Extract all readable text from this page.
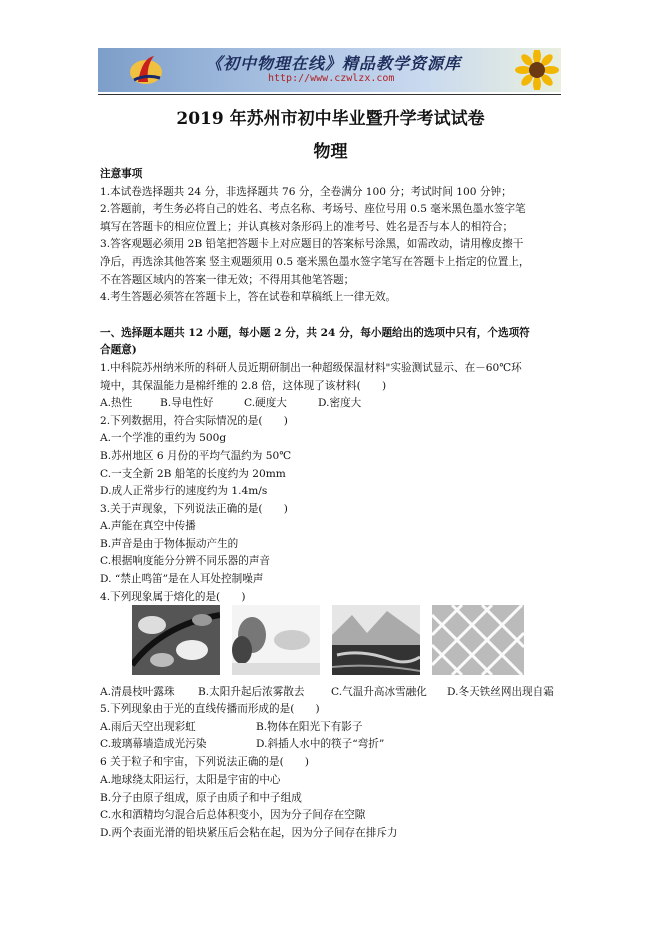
《初中物理在线》精品教学资源库
http://www.czwlzx.com
2019 年苏州市初中毕业暨升学考试试卷
物理
注意事项
1.本试卷选择题共 24 分，非选择题共 76 分，全卷满分 100 分；考试时间 100 分钟；
2.答题前，考生务必将自己的姓名、考点名称、考场号、座位号用 0.5 毫米黑色墨水签字笔
填写在答题卡的相应位置上；并认真核对条形码上的准考号、姓名是否与本人的相符合；
3.答客观题必须用 2B 铅笔把答题卡上对应题目的答案标号涂黑，如需改动，请用橡皮擦干
净后，再选涂其他答案 竖主观题须用 0.5 毫米黑色墨水签字笔写在答题卡上指定的位置上，
不在答题区域内的答案一律无效；不得用其他笔答题；
4.考生答题必须答在答题卡上，答在试卷和草稿纸上一律无效。
一、选择题本题共 12 小题，每小题 2 分，共 24 分，每小题给出的选项中只有，个选项符
合题意)
1.中科院苏州纳米所的科研人员近期研制出一种超级保温材料"实验测试显示、在－60℃环
境中，其保温能力是棉纤维的 2.8 倍，这体现了该材料(　　)
A.热性	B.导电性好	C.硬度大	D.密度大
2.下列数据用，符合实际情况的是(　　)
A.一个学准的重约为 500g
B.苏州地区 6 月份的平均气温约为 50℃
C.一支全新 2B 船笔的长度约为 20mm
D.成人正常步行的速度约为 1.4m/s
3.关于声现象，下列说法正确的是(　　)
A.声能在真空中传播
B.声音是由于物体振动产生的
C.根据响度能分分辨不同乐器的声音
D. “禁止鸣笛”是在人耳处控制噪声
4.下列现象属于熔化的是(　　)
A.清晨枝叶露珠 B.太阳升起后浓雾散去	C.气温升高冰雪融化 D.冬天铁丝网出现自霜
5.下列现象由于光的直线传播而形成的是(　　)
A.雨后天空出现彩虹	B.物体在阳光下有影子
C.玻璃幕墙造成光污染	D.斜插人水中的筷子“弯折”
6 关于粒子和宇宙，下列说法正确的是(　　)
A.地球绕太阳运行，太阳是宇宙的中心
B.分子由原子组成，原子由质子和中子组成
C.水和酒精均匀混合后总体积变小，因为分子间存在空隙
D.两个表面光滑的铅块紧压后会粘在起，因为分子间存在排斥力
